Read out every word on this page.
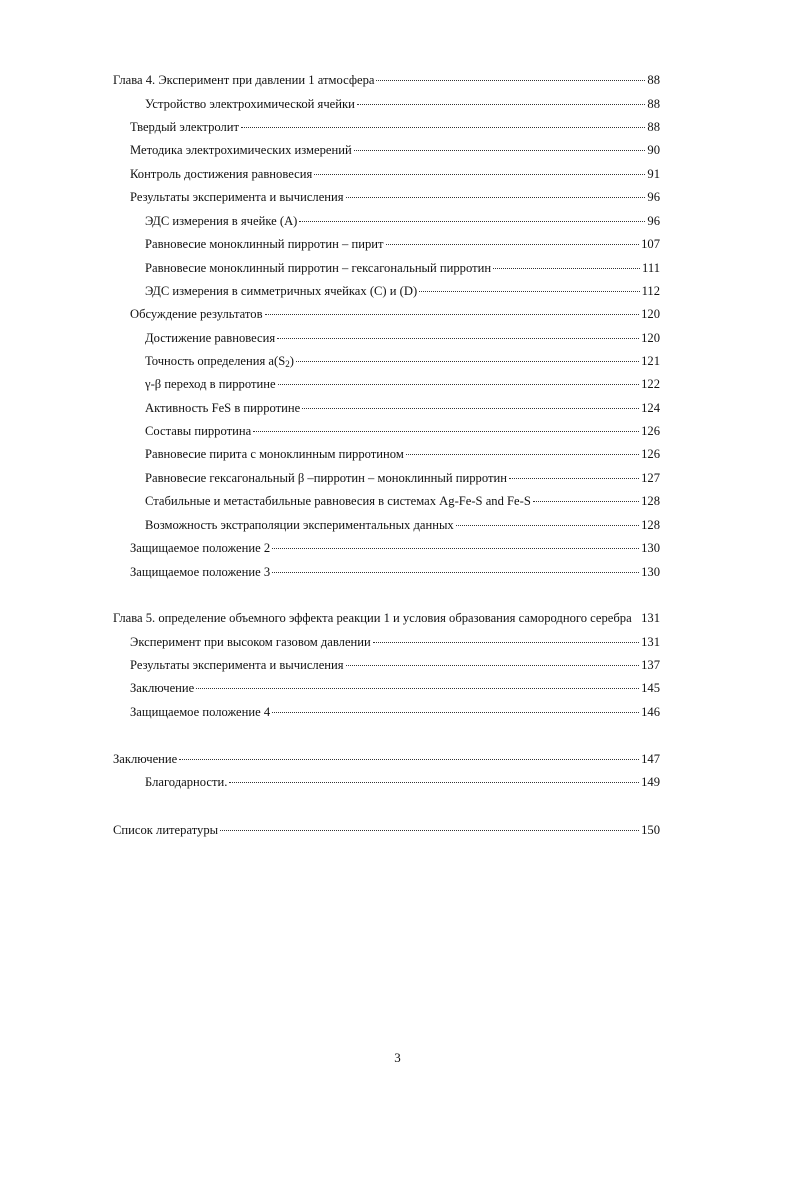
Глава 4. Эксперимент при давлении 1 атмосфера	88
Устройство электрохимической ячейки	88
Твердый электролит	88
Методика электрохимических измерений	90
Контроль достижения равновесия	91
Результаты эксперимента и вычисления	96
ЭДС измерения в ячейке (A)	96
Равновесие моноклинный пирротин – пирит	107
Равновесие моноклинный пирротин – гексагональный пирротин	111
ЭДС измерения в симметричных ячейках (C) и (D)	112
Обсуждение результатов	120
Достижение равновесия	120
Точность определения $a(S_2)$	121
γ-β переход в пирротине	122
Активность FeS в пирротине	124
Составы пирротина	126
Равновесие пирита с моноклинным пирротином	126
Равновесие гексагональный β –пирротин – моноклинный пирротин	127
Стабильные и метастабильные равновесия в системах Ag-Fe-S and Fe-S	128
Возможность экстраполяции экспериментальных данных	128
Защищаемое положение 2	130
Защищаемое положение 3	130
Глава 5. определение объемного эффекта реакции 1 и условия образования самородного серебра 131
Эксперимент при высоком газовом давлении	131
Результаты эксперимента и вычисления	137
Заключение	145
Защищаемое положение 4	146
Заключение	147
Благодарности.	149
Список литературы	150
3
